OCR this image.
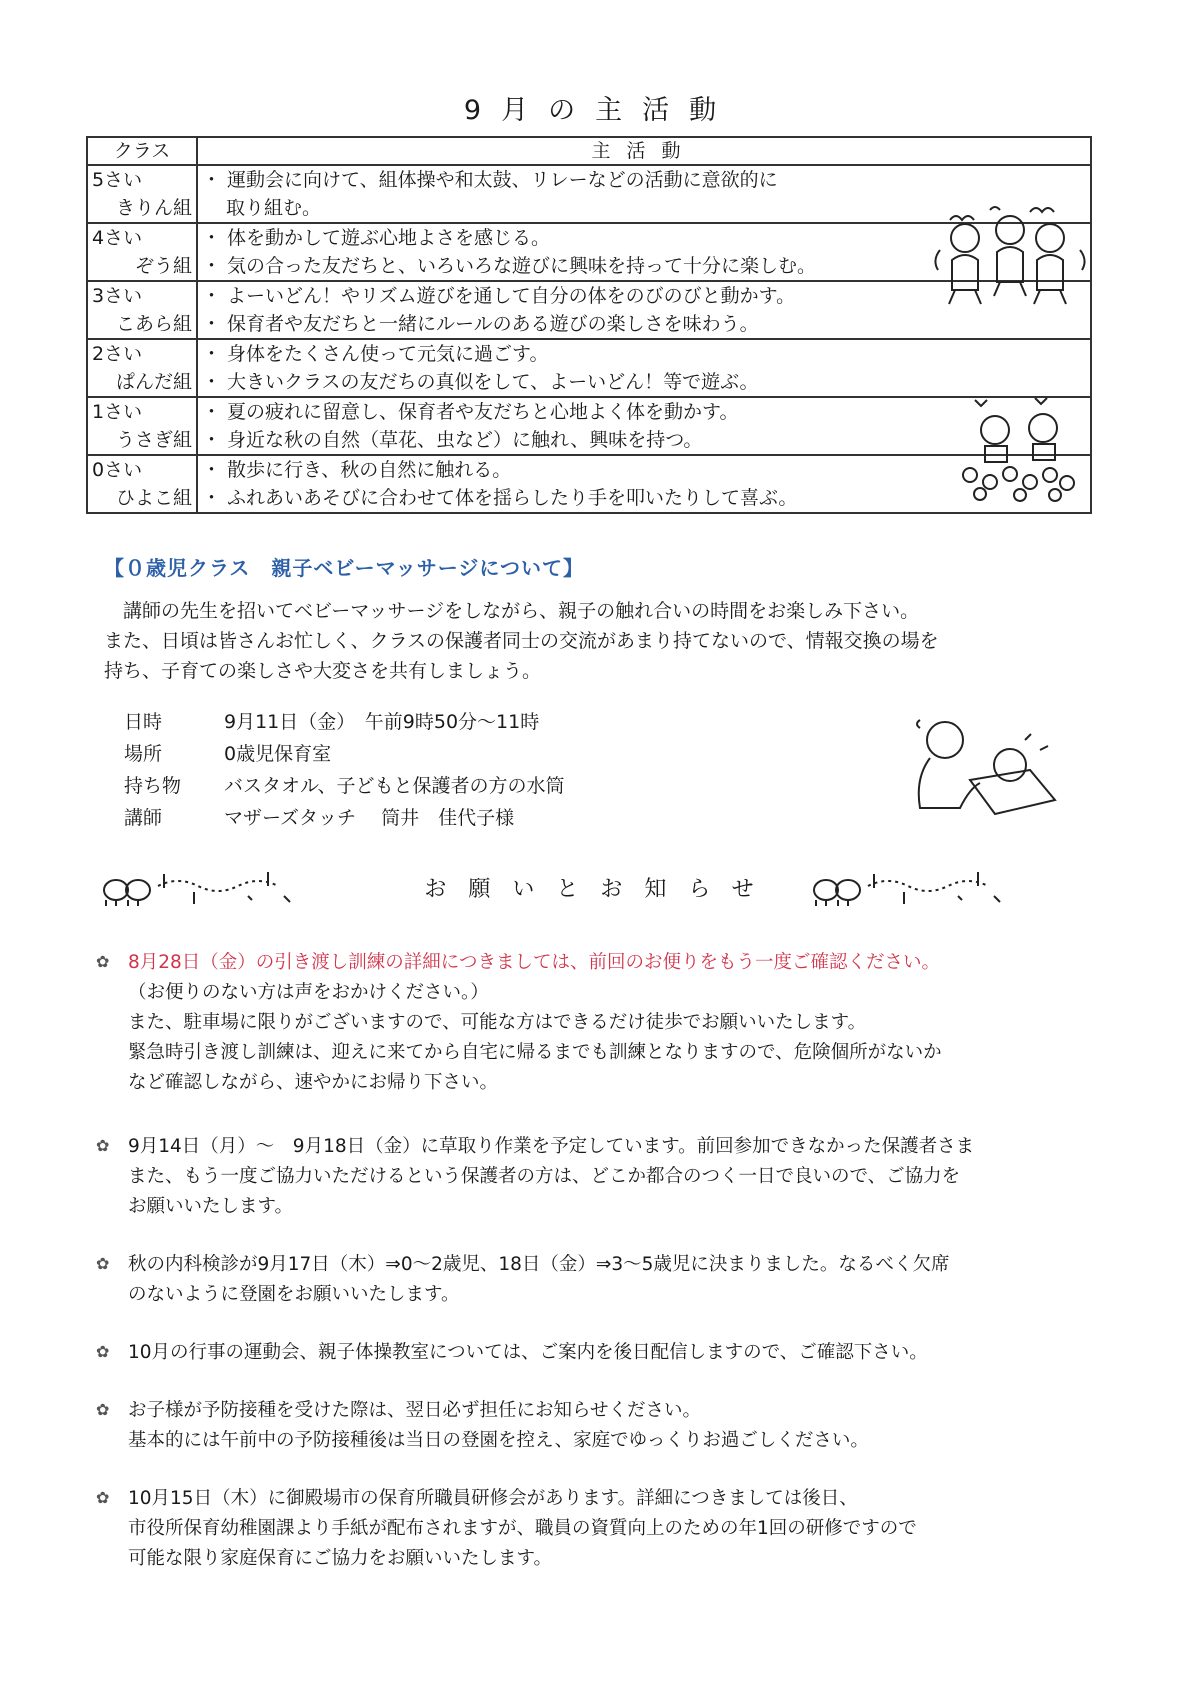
9月の主活動
クラス	主活動

5さい
きりん組	・ 運動会に向けて、組体操や和太鼓、リレーなどの活動に意欲的に
取り組む。

4さい
ぞう組	・ 体を動かして遊ぶ心地よさを感じる。
・ 気の合った友だちと、いろいろな遊びに興味を持って十分に楽しむ。

3さい
こあら組	・ よーいどん！やリズム遊びを通して自分の体をのびのびと動かす。
・ 保育者や友だちと一緒にルールのある遊びの楽しさを味わう。

2さい
ぱんだ組	・ 身体をたくさん使って元気に過ごす。
・ 大きいクラスの友だちの真似をして、よーいどん！等で遊ぶ。

1さい
うさぎ組	・ 夏の疲れに留意し、保育者や友だちと心地よく体を動かす。
・ 身近な秋の自然（草花、虫など）に触れ、興味を持つ。

0さい
ひよこ組	・ 散歩に行き、秋の自然に触れる。
・ ふれあいあそびに合わせて体を揺らしたり手を叩いたりして喜ぶ。
【０歳児クラス　親子ベビーマッサージについて】

　講師の先生を招いてベビーマッサージをしながら、親子の触れ合いの時間をお楽しみ下さい。

また、日頃は皆さんお忙しく、クラスの保護者同士の交流があまり持てないので、情報交換の場を

持ち、子育ての楽しさや大変さを共有しましょう。

日時	9月11日（金）　午前9時50分～11時
場所	0歳児保育室
持ち物	バスタオル、子どもと保護者の方の水筒
講師	マザーズタッチ　 筒井　佳代子様
お願いとお知らせ
✿ 8月28日（金）の引き渡し訓練の詳細につきましては、前回のお便りをもう一度ご確認ください。
（お便りのない方は声をおかけください。）
また、駐車場に限りがございますので、可能な方はできるだけ徒歩でお願いいたします。
緊急時引き渡し訓練は、迎えに来てから自宅に帰るまでも訓練となりますので、危険個所がないか
など確認しながら、速やかにお帰り下さい。
✿ 9月14日（月）～　9月18日（金）に草取り作業を予定しています。前回参加できなかった保護者さま
また、もう一度ご協力いただけるという保護者の方は、どこか都合のつく一日で良いので、ご協力を
お願いいたします。
✿ 秋の内科検診が9月17日（木）⇒0～2歳児、18日（金）⇒3～5歳児に決まりました。なるべく欠席
のないように登園をお願いいたします。
✿ 10月の行事の運動会、親子体操教室については、ご案内を後日配信しますので、ご確認下さい。
✿ お子様が予防接種を受けた際は、翌日必ず担任にお知らせください。
基本的には午前中の予防接種後は当日の登園を控え、家庭でゆっくりお過ごしください。
✿ 10月15日（木）に御殿場市の保育所職員研修会があります。詳細につきましては後日、
市役所保育幼稚園課より手紙が配布されますが、職員の資質向上のための年1回の研修ですので
可能な限り家庭保育にご協力をお願いいたします。
